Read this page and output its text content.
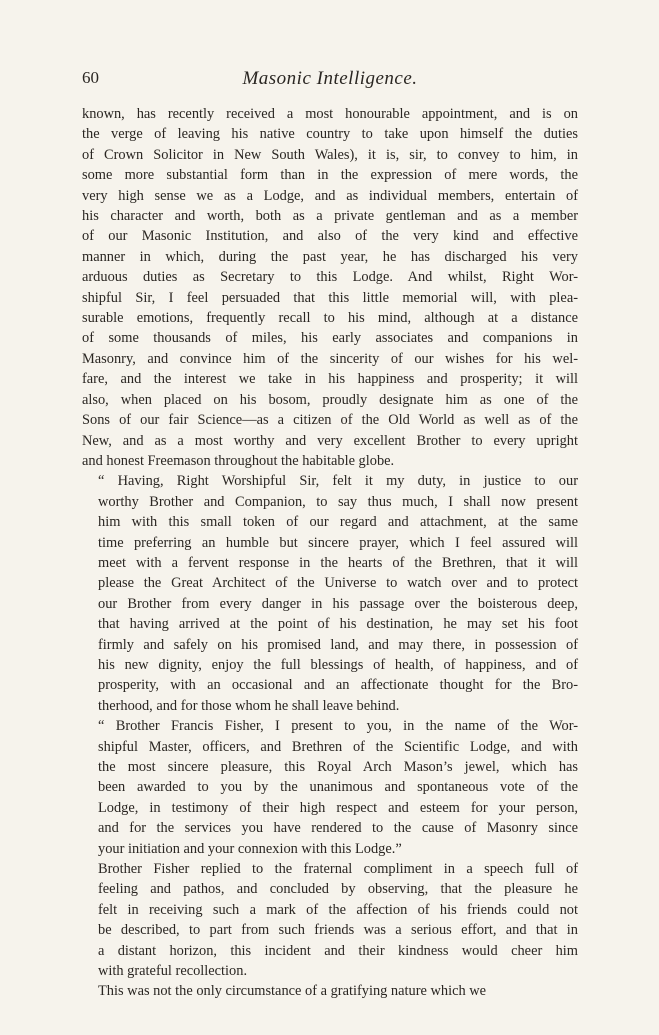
60	Masonic Intelligence.

known, has recently received a most honourable appointment, and is on
the verge of leaving his native country to take upon himself the duties
of Crown Solicitor in New South Wales), it is, sir, to convey to him, in
some more substantial form than in the expression of mere words, the
very high sense we as a Lodge, and as individual members, entertain of
his character and worth, both as a private gentleman and as a member
of our Masonic Institution, and also of the very kind and effective
manner in which, during the past year, he has discharged his very
arduous duties as Secretary to this Lodge. And whilst, Right Wor-
shipful Sir, I feel persuaded that this little memorial will, with plea-
surable emotions, frequently recall to his mind, although at a distance
of some thousands of miles, his early associates and companions in
Masonry, and convince him of the sincerity of our wishes for his wel-
fare, and the interest we take in his happiness and prosperity; it will
also, when placed on his bosom, proudly designate him as one of the
Sons of our fair Science—as a citizen of the Old World as well as of the
New, and as a most worthy and very excellent Brother to every upright
and honest Freemason throughout the habitable globe.

“ Having, Right Worshipful Sir, felt it my duty, in justice to our
worthy Brother and Companion, to say thus much, I shall now present
him with this small token of our regard and attachment, at the same
time preferring an humble but sincere prayer, which I feel assured will
meet with a fervent response in the hearts of the Brethren, that it will
please the Great Architect of the Universe to watch over and to protect
our Brother from every danger in his passage over the boisterous deep,
that having arrived at the point of his destination, he may set his foot
firmly and safely on his promised land, and may there, in possession of
his new dignity, enjoy the full blessings of health, of happiness, and of
prosperity, with an occasional and an affectionate thought for the Bro-
therhood, and for those whom he shall leave behind.

“ Brother Francis Fisher, I present to you, in the name of the Wor-
shipful Master, officers, and Brethren of the Scientific Lodge, and with
the most sincere pleasure, this Royal Arch Mason’s jewel, which has
been awarded to you by the unanimous and spontaneous vote of the
Lodge, in testimony of their high respect and esteem for your person,
and for the services you have rendered to the cause of Masonry since
your initiation and your connexion with this Lodge.”

Brother Fisher replied to the fraternal compliment in a speech full of
feeling and pathos, and concluded by observing, that the pleasure he
felt in receiving such a mark of the affection of his friends could not
be described, to part from such friends was a serious effort, and that in
a distant horizon, this incident and their kindness would cheer him
with grateful recollection.

This was not the only circumstance of a gratifying nature which we
